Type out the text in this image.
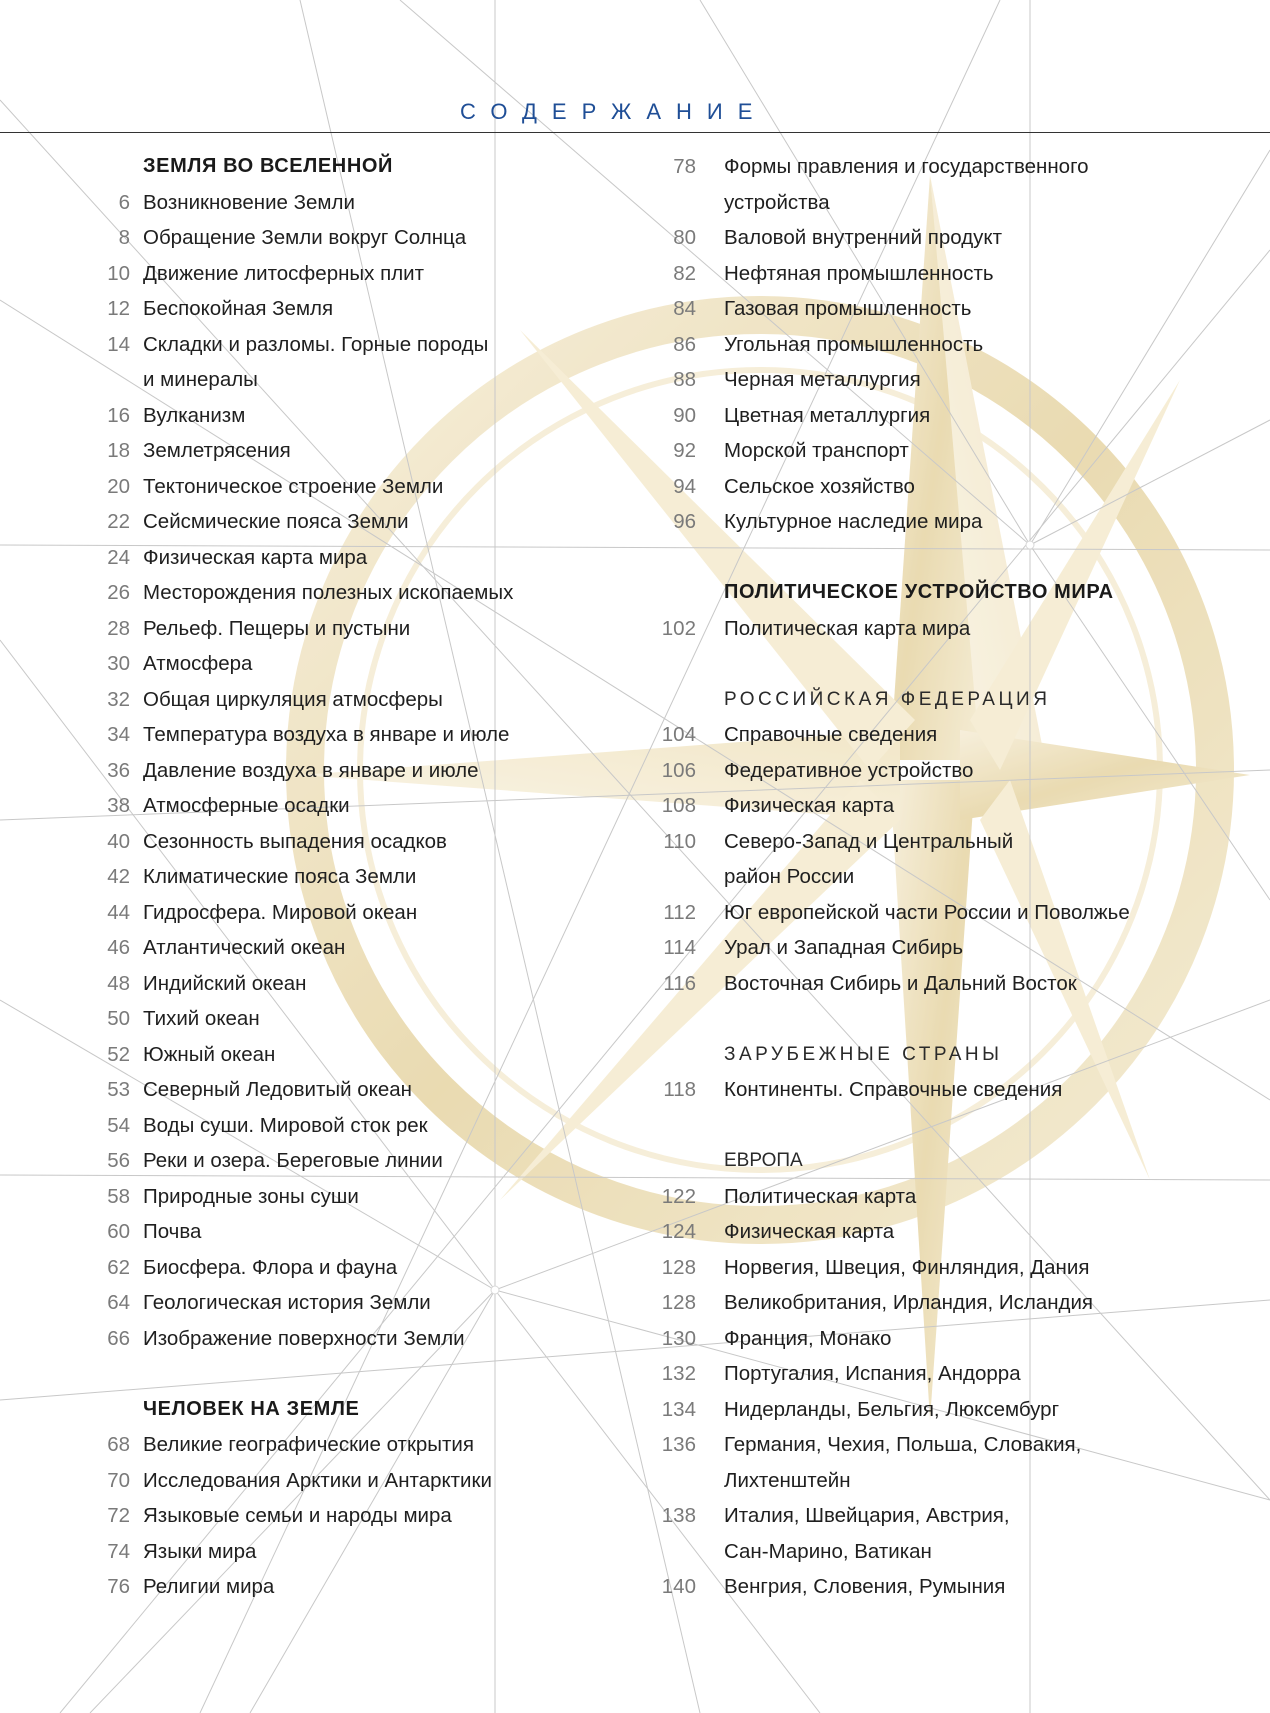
СОДЕРЖАНИЕ
ЗЕМЛЯ ВО ВСЕЛЕННОЙ
6 Возникновение Земли
8 Обращение Земли вокруг Солнца
10 Движение литосферных плит
12 Беспокойная Земля
14 Складки и разломы. Горные породы
и минералы
16 Вулканизм
18 Землетрясения
20 Тектоническое строение Земли
22 Сейсмические пояса Земли
24 Физическая карта мира
26 Месторождения полезных ископаемых
28 Рельеф. Пещеры и пустыни
30 Атмосфера
32 Общая циркуляция атмосферы
34 Температура воздуха в январе и июле
36 Давление воздуха в январе и июле
38 Атмосферные осадки
40 Сезонность выпадения осадков
42 Климатические пояса Земли
44 Гидросфера. Мировой океан
46 Атлантический океан
48 Индийский океан
50 Тихий океан
52 Южный океан
53 Северный Ледовитый океан
54 Воды суши. Мировой сток рек
56 Реки и озера. Береговые линии
58 Природные зоны суши
60 Почва
62 Биосфера. Флора и фауна
64 Геологическая история Земли
66 Изображение поверхности Земли
ЧЕЛОВЕК НА ЗЕМЛЕ
68 Великие географические открытия
70 Исследования Арктики и Антарктики
72 Языковые семьи и народы мира
74 Языки мира
76 Религии мира
78 Формы правления и государственного
устройства
80 Валовой внутренний продукт
82 Нефтяная промышленность
84 Газовая промышленность
86 Угольная промышленность
88 Черная металлургия
90 Цветная металлургия
92 Морской транспорт
94 Сельское хозяйство
96 Культурное наследие мира
ПОЛИТИЧЕСКОЕ УСТРОЙСТВО МИРА
102 Политическая карта мира
РОССИЙСКАЯ ФЕДЕРАЦИЯ
104 Справочные сведения
106 Федеративное устройство
108 Физическая карта
110 Северо-Запад и Центральный
район России
112 Юг европейской части России и Поволжье
114 Урал и Западная Сибирь
116 Восточная Сибирь и Дальний Восток
ЗАРУБЕЖНЫЕ СТРАНЫ
118 Континенты. Справочные сведения
ЕВРОПА
122 Политическая карта
124 Физическая карта
128 Норвегия, Швеция, Финляндия, Дания
128 Великобритания, Ирландия, Исландия
130 Франция, Монако
132 Португалия, Испания, Андорра
134 Нидерланды, Бельгия, Люксембург
136 Германия, Чехия, Польша, Словакия,
Лихтенштейн
138 Италия, Швейцария, Австрия,
Сан-Марино, Ватикан
140 Венгрия, Словения, Румыния
